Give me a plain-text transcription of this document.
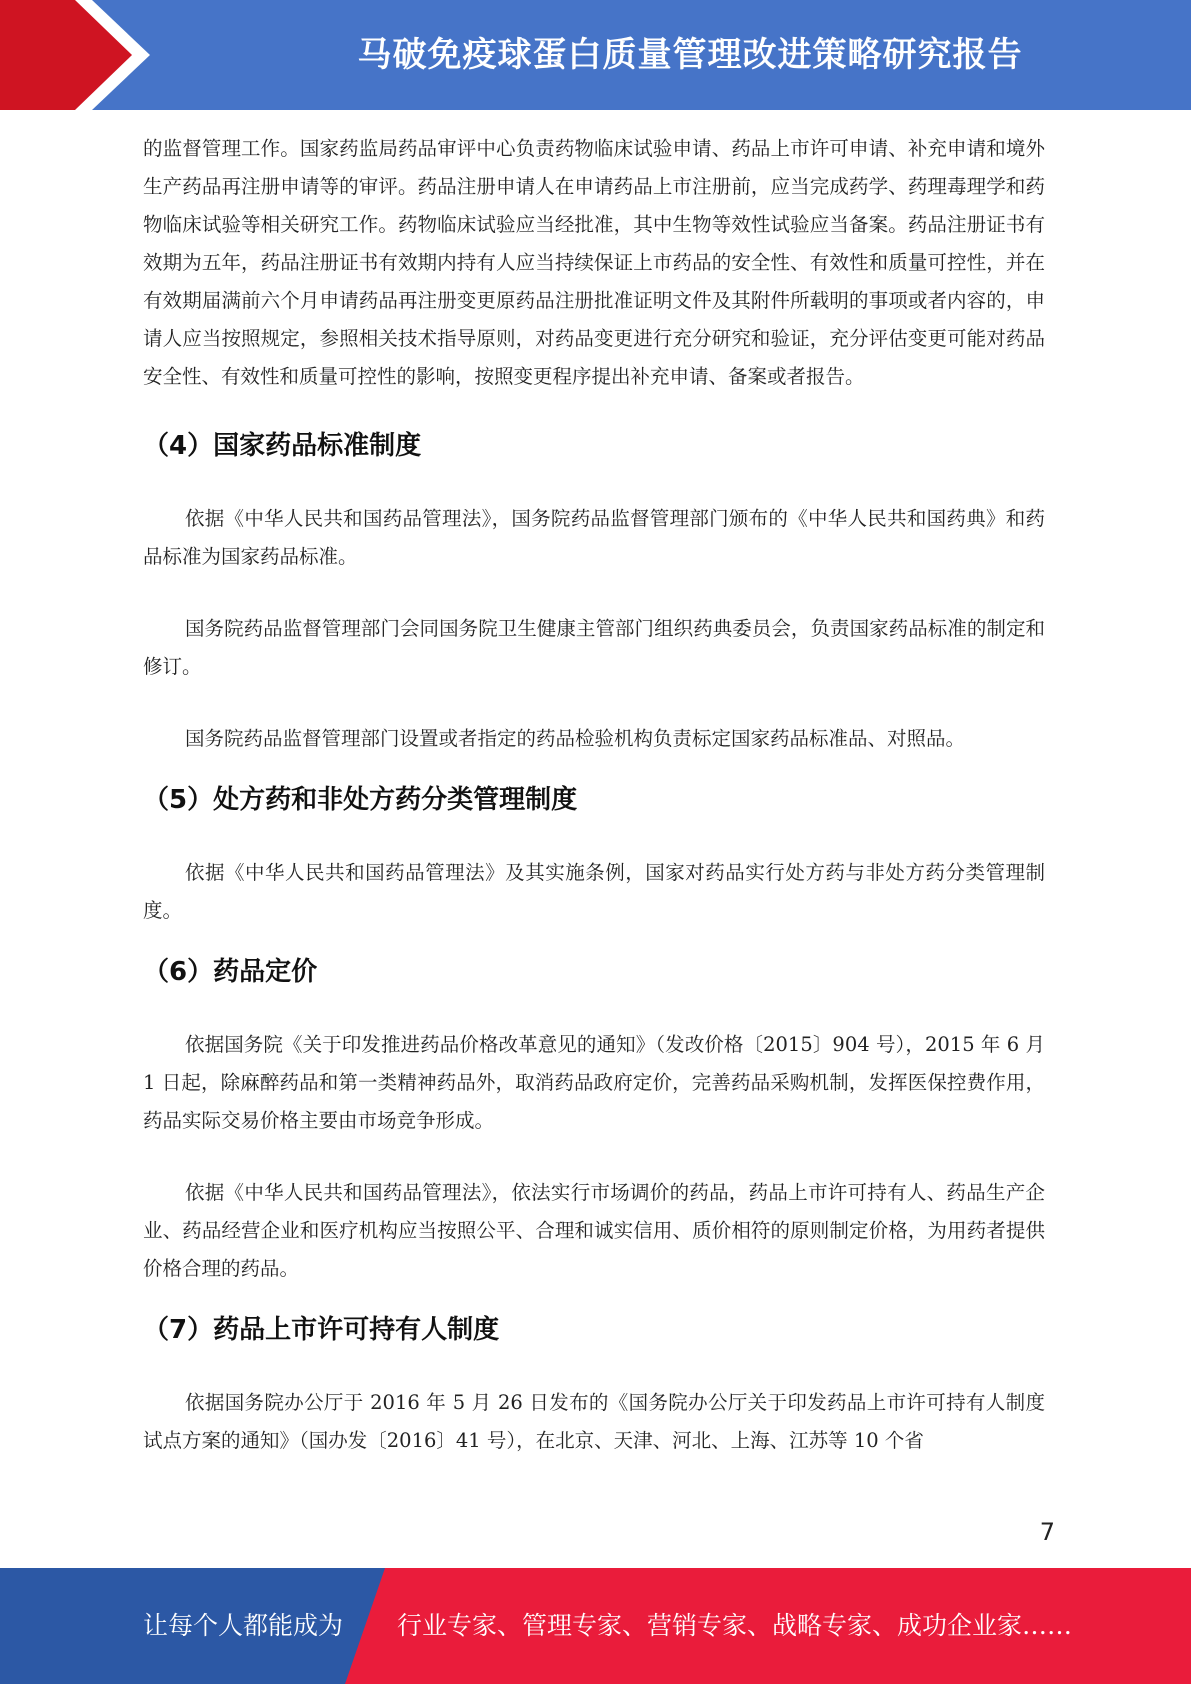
马破免疫球蛋白质量管理改进策略研究报告

的监督管理工作。国家药监局药品审评中心负责药物临床试验申请、药品上市许可申请、补充申请和境外生产药品再注册申请等的审评。药品注册申请人在申请药品上市注册前，应当完成药学、药理毒理学和药物临床试验等相关研究工作。药物临床试验应当经批准，其中生物等效性试验应当备案。药品注册证书有效期为五年，药品注册证书有效期内持有人应当持续保证上市药品的安全性、有效性和质量可控性，并在有效期届满前六个月申请药品再注册变更原药品注册批准证明文件及其附件所载明的事项或者内容的，申请人应当按照规定，参照相关技术指导原则，对药品变更进行充分研究和验证，充分评估变更可能对药品安全性、有效性和质量可控性的影响，按照变更程序提出补充申请、备案或者报告。

（4）国家药品标准制度

依据《中华人民共和国药品管理法》，国务院药品监督管理部门颁布的《中华人民共和国药典》和药品标准为国家药品标准。

国务院药品监督管理部门会同国务院卫生健康主管部门组织药典委员会，负责国家药品标准的制定和修订。

国务院药品监督管理部门设置或者指定的药品检验机构负责标定国家药品标准品、对照品。

（5）处方药和非处方药分类管理制度

依据《中华人民共和国药品管理法》及其实施条例，国家对药品实行处方药与非处方药分类管理制度。

（6）药品定价

依据国务院《关于印发推进药品价格改革意见的通知》（发改价格〔2015〕904 号），2015 年 6 月 1 日起，除麻醉药品和第一类精神药品外，取消药品政府定价，完善药品采购机制，发挥医保控费作用，药品实际交易价格主要由市场竞争形成。

依据《中华人民共和国药品管理法》，依法实行市场调价的药品，药品上市许可持有人、药品生产企业、药品经营企业和医疗机构应当按照公平、合理和诚实信用、质价相符的原则制定价格，为用药者提供价格合理的药品。

（7）药品上市许可持有人制度

依据国务院办公厅于 2016 年 5 月 26 日发布的《国务院办公厅关于印发药品上市许可持有人制度试点方案的通知》（国办发〔2016〕41 号），在北京、天津、河北、上海、江苏等 10 个省

7
让每个人都能成为 行业专家、管理专家、营销专家、战略专家、成功企业家……
